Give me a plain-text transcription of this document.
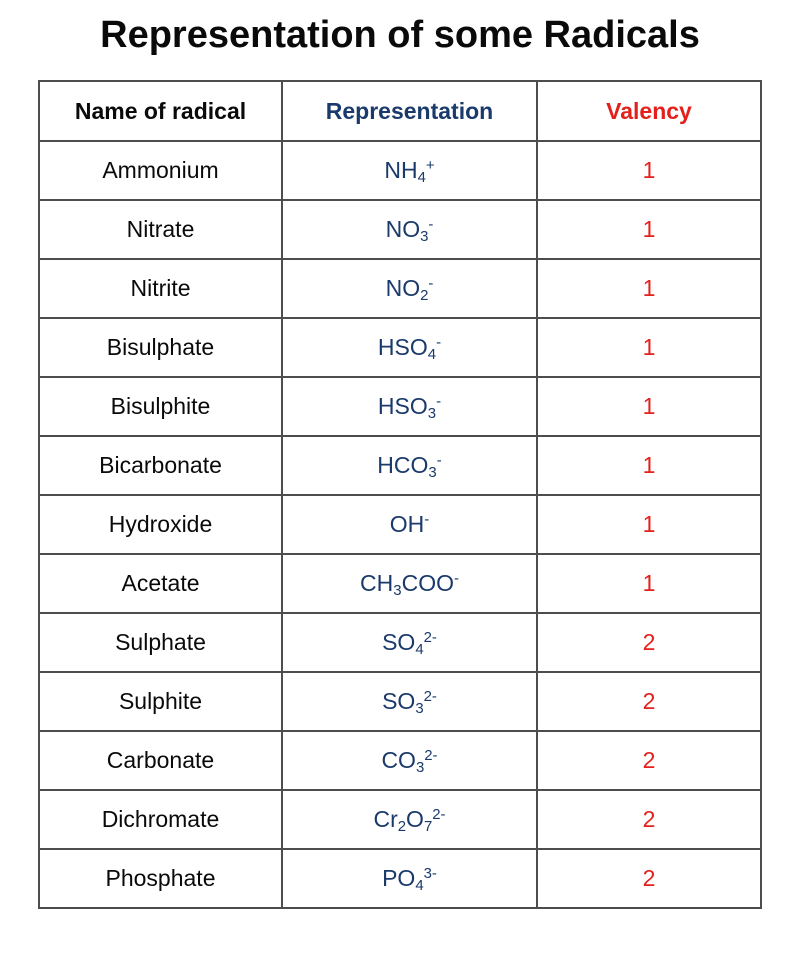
Representation of some Radicals
Name of radical	Representation	Valency
Ammonium	$NH_4^+$	1
Nitrate	$NO_3^-$	1
Nitrite	$NO_2^-$	1
Bisulphate	$HSO_4^-$	1
Bisulphite	$HSO_3^-$	1
Bicarbonate	$HCO_3^-$	1
Hydroxide	OH-	1
Acetate	$CH_3COO^-$	1
Sulphate	$SO_4^{2-}$	2
Sulphite	$SO_3^{2-}$	2
Carbonate	$CO_3^{2-}$	2
Dichromate	$Cr_2O_7^{2-}$	2
Phosphate	$PO_4^{3-}$	2
